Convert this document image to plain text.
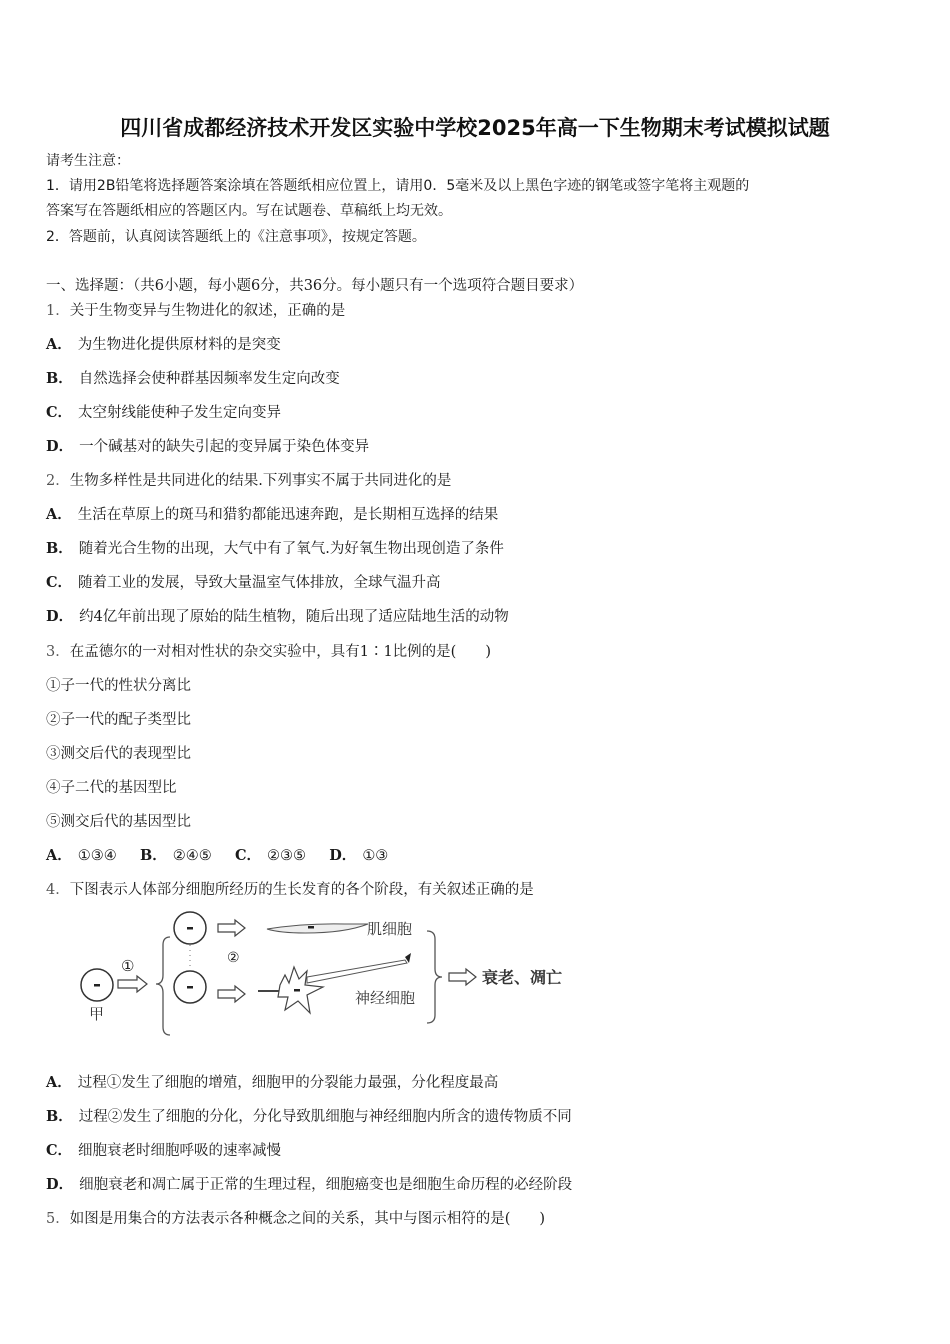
四川省成都经济技术开发区实验中学校2025年高一下生物期末考试模拟试题
请考生注意：
1．请用2B铅笔将选择题答案涂填在答题纸相应位置上，请用0．5毫米及以上黑色字迹的钢笔或签字笔将主观题的
答案写在答题纸相应的答题区内。写在试题卷、草稿纸上均无效。
2．答题前，认真阅读答题纸上的《注意事项》，按规定答题。
一、选择题：（共6小题，每小题6分，共36分。每小题只有一个选项符合题目要求）
1．关于生物变异与生物进化的叙述，正确的是
A． 为生物进化提供原材料的是突变
B． 自然选择会使种群基因频率发生定向改变
C． 太空射线能使种子发生定向变异
D． 一个碱基对的缺失引起的变异属于染色体变异
2．生物多样性是共同进化的结果.下列事实不属于共同进化的是
A． 生活在草原上的斑马和猎豹都能迅速奔跑，是长期相互选择的结果
B． 随着光合生物的出现，大气中有了氧气.为好氧生物出现创造了条件
C． 随着工业的发展，导致大量温室气体排放，全球气温升高
D． 约4亿年前出现了原始的陆生植物，随后出现了适应陆地生活的动物
3．在孟德尔的一对相对性状的杂交实验中，具有1∶1比例的是(　　)
①子一代的性状分离比
②子一代的配子类型比
③测交后代的表现型比
④子二代的基因型比
⑤测交后代的基因型比
A． ①③④ B． ②④⑤ C． ②③⑤ D． ①③
4．下图表示人体部分细胞所经历的生长发育的各个阶段，有关叙述正确的是
甲
①	②
肌细胞
神经细胞
衰老、凋亡
A． 过程①发生了细胞的增殖，细胞甲的分裂能力最强，分化程度最高
B． 过程②发生了细胞的分化，分化导致肌细胞与神经细胞内所含的遗传物质不同
C． 细胞衰老时细胞呼吸的速率减慢
D． 细胞衰老和凋亡属于正常的生理过程，细胞癌变也是细胞生命历程的必经阶段
5．如图是用集合的方法表示各种概念之间的关系，其中与图示相符的是(　　)
